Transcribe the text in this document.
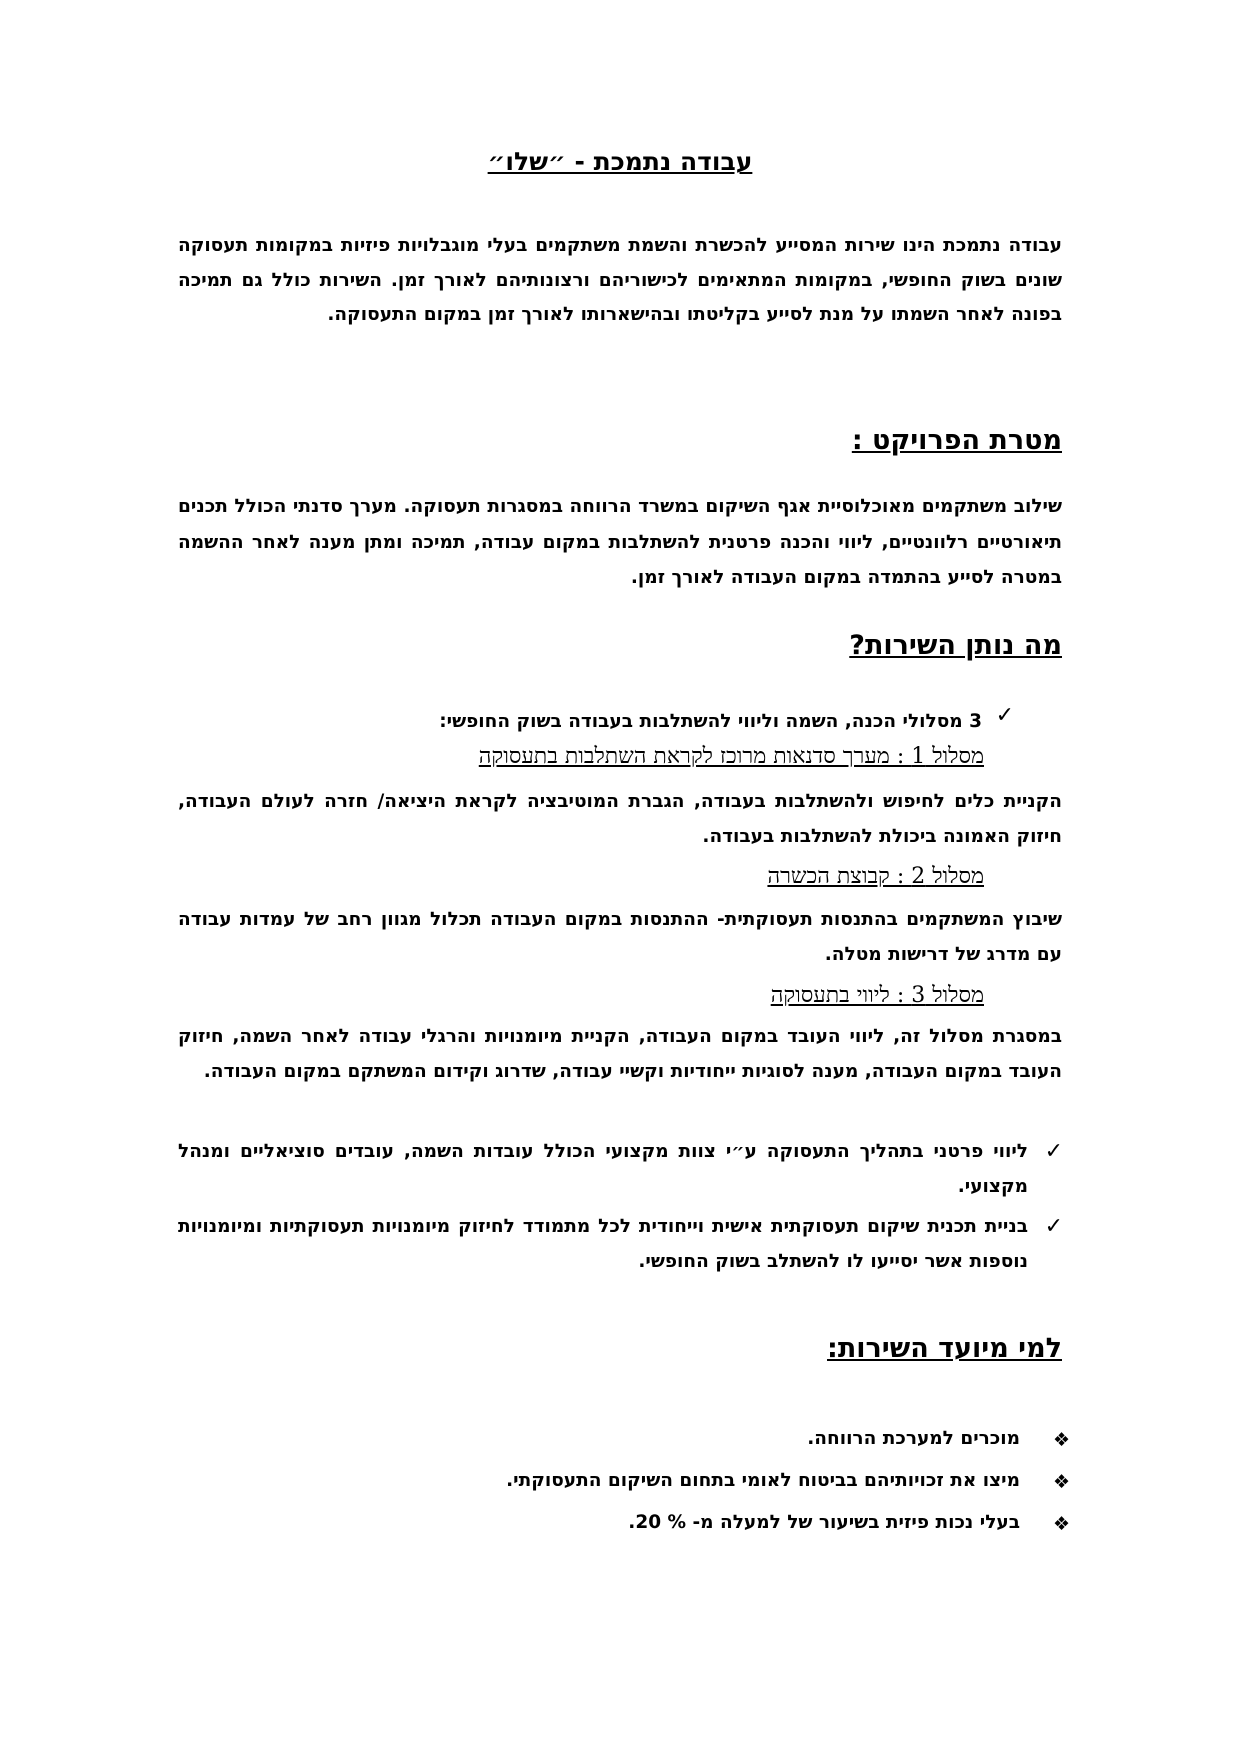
עבודה נתמכת - ״שלו״
עבודה נתמכת הינו שירות המסייע להכשרת והשמת משתקמים בעלי מוגבלויות פיזיות במקומות תעסוקה שונים בשוק החופשי, במקומות המתאימים לכישוריהם ורצונותיהם לאורך זמן. השירות כולל גם תמיכה בפונה לאחר השמתו על מנת לסייע בקליטתו ובהישארותו לאורך זמן במקום התעסוקה.
מטרת הפרויקט :
שילוב משתקמים מאוכלוסיית אגף השיקום במשרד הרווחה במסגרות תעסוקה. מערך סדנתי הכולל תכנים תיאורטיים רלוונטיים, ליווי והכנה פרטנית להשתלבות במקום עבודה, תמיכה ומתן מענה לאחר ההשמה במטרה לסייע בהתמדה במקום העבודה לאורך זמן.
מה נותן השירות?
✓
3 מסלולי הכנה, השמה וליווי להשתלבות בעבודה בשוק החופשי:
מסלול 1 : מערך סדנאות מרוכז לקראת השתלבות בתעסוקה
הקניית כלים לחיפוש ולהשתלבות בעבודה, הגברת המוטיבציה לקראת היציאה/ חזרה לעולם העבודה, חיזוק האמונה ביכולת להשתלבות בעבודה.
מסלול 2 : קבוצת הכשרה
שיבוץ המשתקמים בהתנסות תעסוקתית- ההתנסות במקום העבודה תכלול מגוון רחב של עמדות עבודה עם מדרג של דרישות מטלה.
מסלול 3 : ליווי בתעסוקה
במסגרת מסלול זה, ליווי העובד במקום העבודה, הקניית מיומנויות והרגלי עבודה לאחר השמה, חיזוק העובד במקום העבודה, מענה לסוגיות ייחודיות וקשיי עבודה, שדרוג וקידום המשתקם במקום העבודה.
✓
ליווי פרטני בתהליך התעסוקה ע״י צוות מקצועי הכולל עובדות השמה, עובדים סוציאליים ומנהל מקצועי.
✓
בניית תכנית שיקום תעסוקתית אישית וייחודית לכל מתמודד לחיזוק מיומנויות תעסוקתיות ומיומנויות נוספות אשר יסייעו לו להשתלב בשוק החופשי.
למי מיועד השירות:
❖
מוכרים למערכת הרווחה.
❖
מיצו את זכויותיהם בביטוח לאומי בתחום השיקום התעסוקתי.
❖
בעלי נכות פיזית בשיעור של למעלה מ- % 20.
